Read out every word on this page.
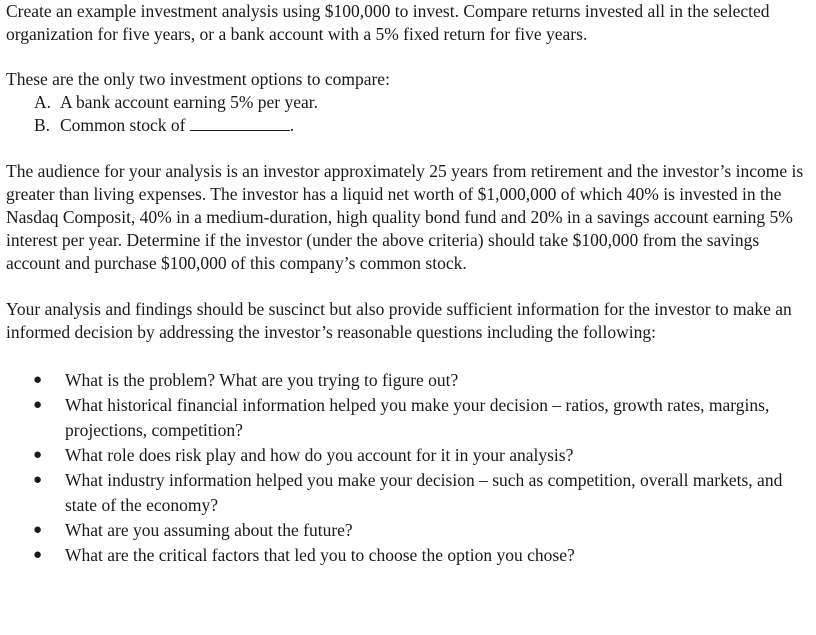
Create an example investment analysis using $100,000 to invest. Compare returns invested all in the selected organization for five years, or a bank account with a 5% fixed return for five years.

These are the only two investment options to compare:

A. A bank account earning 5% per year.
B. Common stock of	.

The audience for your analysis is an investor approximately 25 years from retirement and the investor’s income is greater than living expenses. The investor has a liquid net worth of $1,000,000 of which 40% is invested in the Nasdaq Composit, 40% in a medium-duration, high quality bond fund and 20% in a savings account earning 5% interest per year. Determine if the investor (under the above criteria) should take $100,000 from the savings account and purchase $100,000 of this company’s common stock.

Your analysis and findings should be suscinct but also provide sufficient information for the investor to make an informed decision by addressing the investor’s reasonable questions including the following:

● What is the problem? What are you trying to figure out?
● What historical financial information helped you make your decision – ratios, growth rates, margins, projections, competition?
● What role does risk play and how do you account for it in your analysis?
● What industry information helped you make your decision – such as competition, overall markets, and state of the economy?
● What are you assuming about the future?
● What are the critical factors that led you to choose the option you chose?
